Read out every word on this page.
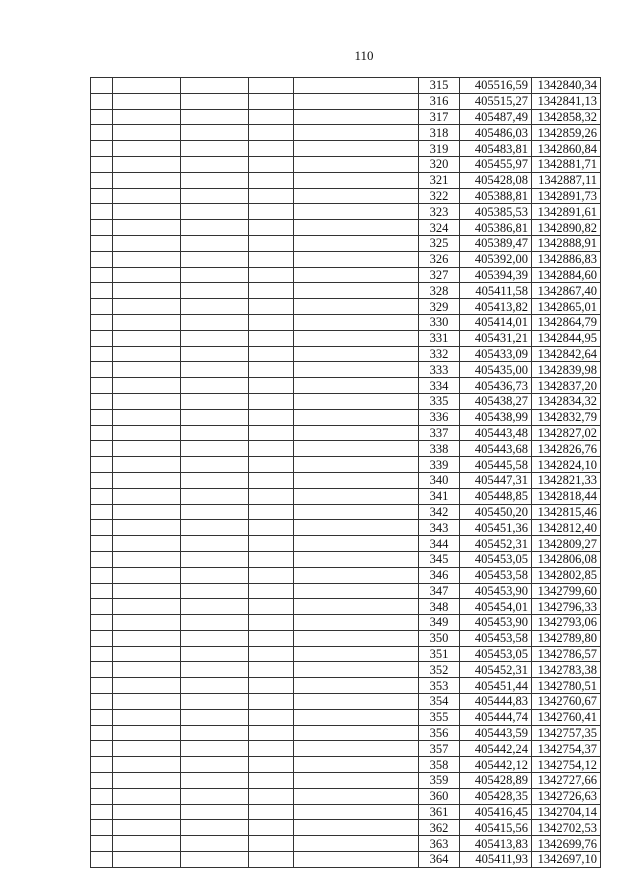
110
					315	405516,59	1342840,34
					316	405515,27	1342841,13
					317	405487,49	1342858,32
					318	405486,03	1342859,26
					319	405483,81	1342860,84
					320	405455,97	1342881,71
					321	405428,08	1342887,11
					322	405388,81	1342891,73
					323	405385,53	1342891,61
					324	405386,81	1342890,82
					325	405389,47	1342888,91
					326	405392,00	1342886,83
					327	405394,39	1342884,60
					328	405411,58	1342867,40
					329	405413,82	1342865,01
					330	405414,01	1342864,79
					331	405431,21	1342844,95
					332	405433,09	1342842,64
					333	405435,00	1342839,98
					334	405436,73	1342837,20
					335	405438,27	1342834,32
					336	405438,99	1342832,79
					337	405443,48	1342827,02
					338	405443,68	1342826,76
					339	405445,58	1342824,10
					340	405447,31	1342821,33
					341	405448,85	1342818,44
					342	405450,20	1342815,46
					343	405451,36	1342812,40
					344	405452,31	1342809,27
					345	405453,05	1342806,08
					346	405453,58	1342802,85
					347	405453,90	1342799,60
					348	405454,01	1342796,33
					349	405453,90	1342793,06
					350	405453,58	1342789,80
					351	405453,05	1342786,57
					352	405452,31	1342783,38
					353	405451,44	1342780,51
					354	405444,83	1342760,67
					355	405444,74	1342760,41
					356	405443,59	1342757,35
					357	405442,24	1342754,37
					358	405442,12	1342754,12
					359	405428,89	1342727,66
					360	405428,35	1342726,63
					361	405416,45	1342704,14
					362	405415,56	1342702,53
					363	405413,83	1342699,76
					364	405411,93	1342697,10
